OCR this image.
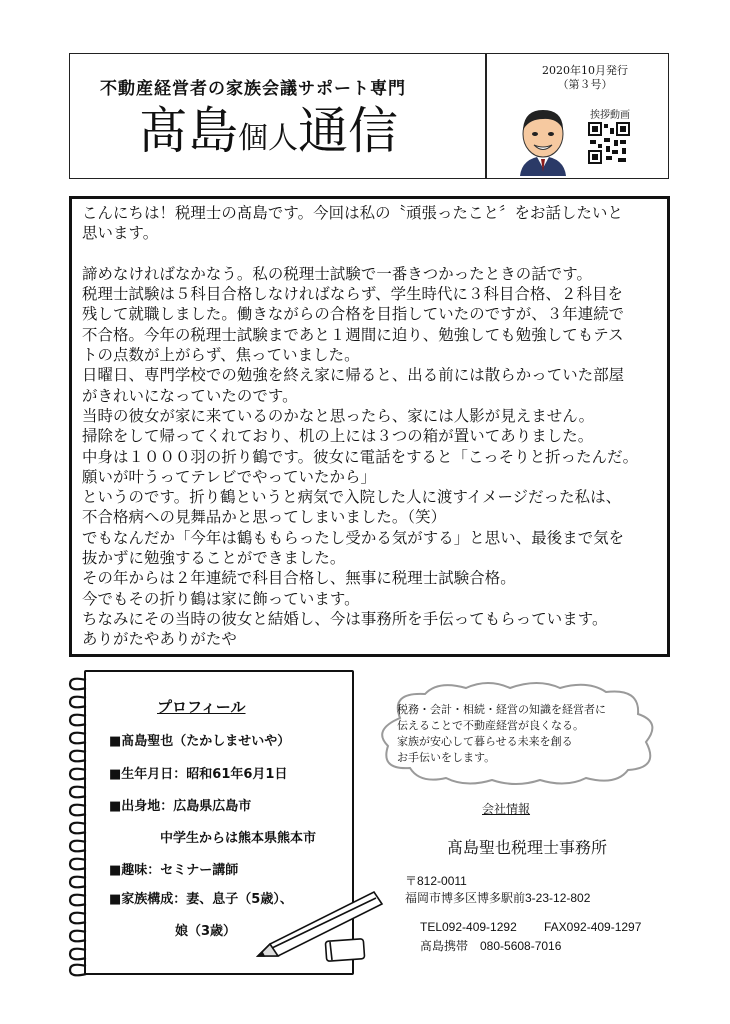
不動産経営者の家族会議サポート専門
髙島個人通信
2020年10月発行
（第３号）
挨拶動画

こんにちは！税理士の髙島です。今回は私の〝頑張ったこと〞をお話したいと

思います。

諦めなければなかなう。私の税理士試験で一番きつかったときの話です。

税理士試験は５科目合格しなければならず、学生時代に３科目合格、２科目を

残して就職しました。働きながらの合格を目指していたのですが、３年連続で

不合格。今年の税理士試験まであと１週間に迫り、勉強しても勉強してもテス

トの点数が上がらず、焦っていました。

日曜日、専門学校での勉強を終え家に帰ると、出る前には散らかっていた部屋

がきれいになっていたのです。

当時の彼女が家に来ているのかなと思ったら、家には人影が見えません。

掃除をして帰ってくれており、机の上には３つの箱が置いてありました。

中身は１０００羽の折り鶴です。彼女に電話をすると「こっそりと折ったんだ。

願いが叶うってテレビでやっていたから」

というのです。折り鶴というと病気で入院した人に渡すイメージだった私は、

不合格病への見舞品かと思ってしまいました。（笑）

でもなんだか「今年は鶴ももらったし受かる気がする」と思い、最後まで気を

抜かずに勉強することができました。

その年からは２年連続で科目合格し、無事に税理士試験合格。

今でもその折り鶴は家に飾っています。

ちなみにその当時の彼女と結婚し、今は事務所を手伝ってもらっています。

ありがたやありがたや

プロフィール
■髙島聖也（たかしませいや）
■生年月日：昭和61年6月1日
■出身地：広島県広島市
中学生からは熊本県熊本市
■趣味：セミナー講師
■家族構成：妻、息子（5歳）、
娘（3歳）

税務・会計・相続・経営の知識を経営者に

伝えることで不動産経営が良くなる。

家族が安心して暮らせる未来を創る

お手伝いをします。

会社情報
髙島聖也税理士事務所
〒812-0011
福岡市博多区博多駅前3-23-12-802
TEL092-409-1292 FAX092-409-1297
髙島携帯　080-5608-7016
